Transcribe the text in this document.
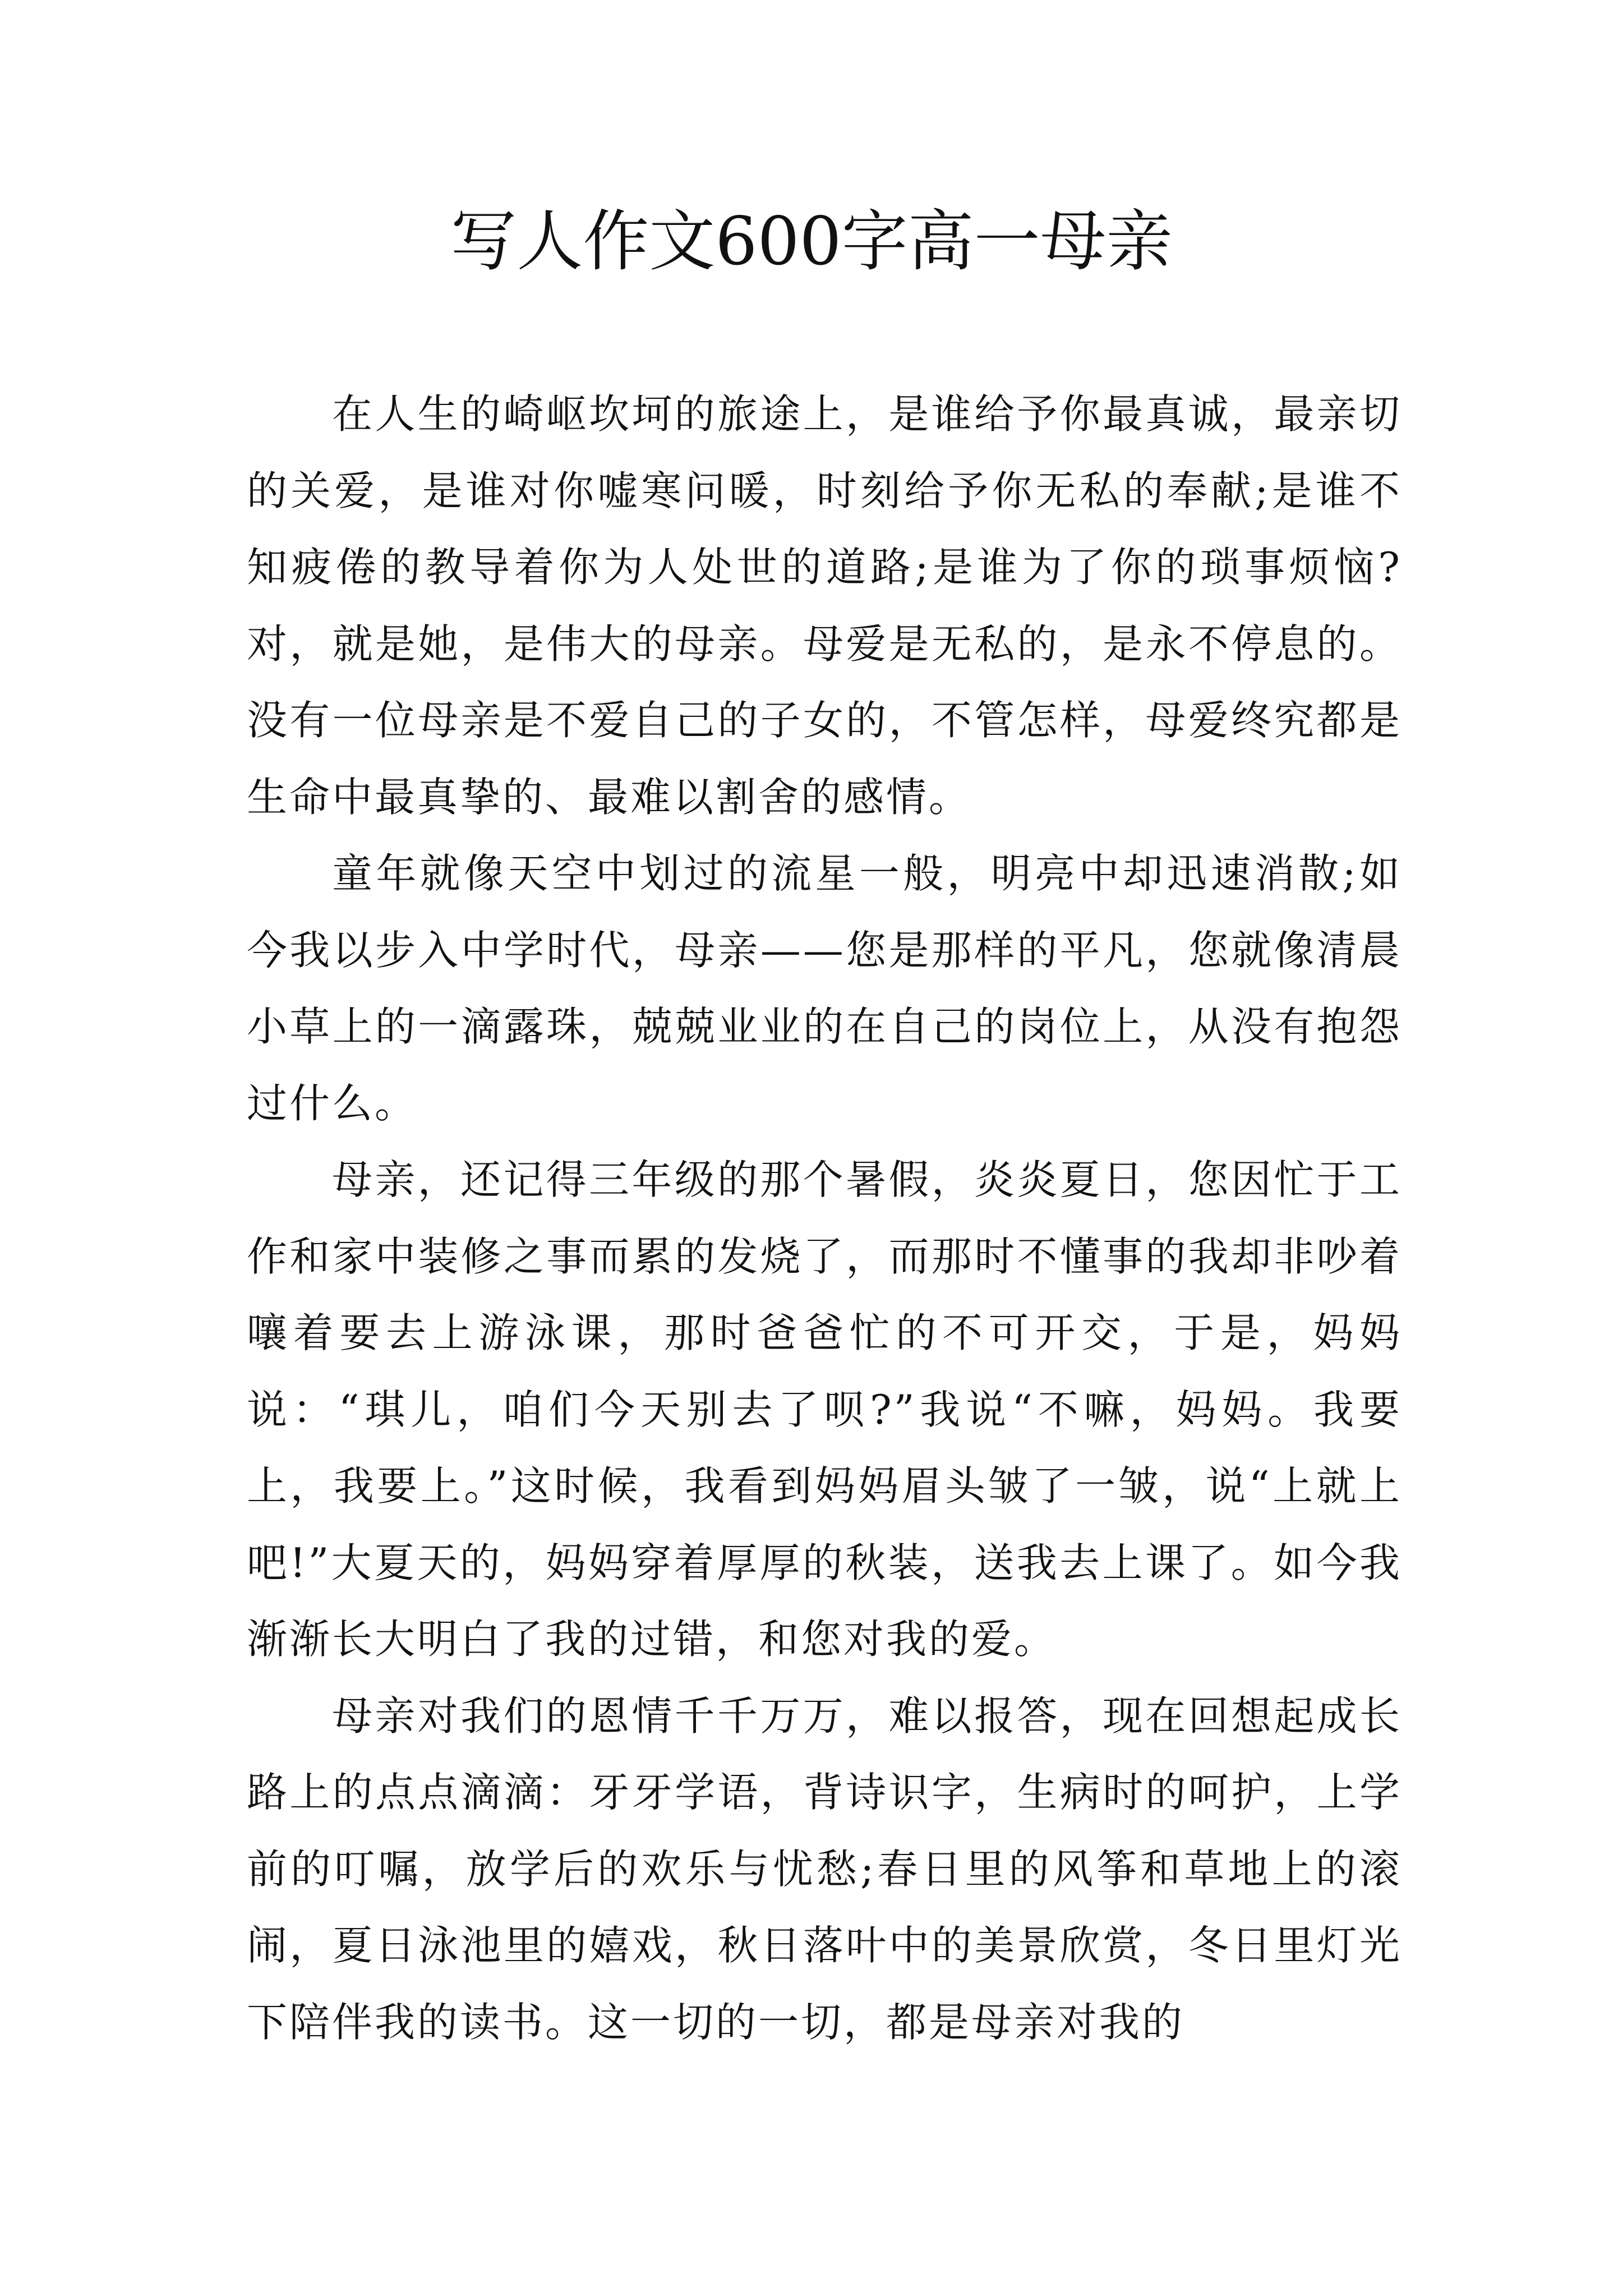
写人作文600字高一母亲

在人生的崎岖坎坷的旅途上，是谁给予你最真诚，最亲切的关爱，是谁对你嘘寒问暖，时刻给予你无私的奉献;是谁不知疲倦的教导着你为人处世的道路;是谁为了你的琐事烦恼?对，就是她，是伟大的母亲。母爱是无私的，是永不停息的。没有一位母亲是不爱自己的子女的，不管怎样，母爱终究都是生命中最真挚的、最难以割舍的感情。

童年就像天空中划过的流星一般，明亮中却迅速消散;如今我以步入中学时代，母亲——您是那样的平凡，您就像清晨小草上的一滴露珠，兢兢业业的在自己的岗位上，从没有抱怨过什么。

母亲，还记得三年级的那个暑假，炎炎夏日，您因忙于工作和家中装修之事而累的发烧了，而那时不懂事的我却非吵着嚷着要去上游泳课，那时爸爸忙的不可开交，于是，妈妈说：“琪儿，咱们今天别去了呗?”我说“不嘛，妈妈。我要上，我要上。”这时候，我看到妈妈眉头皱了一皱，说“上就上吧!”大夏天的，妈妈穿着厚厚的秋装，送我去上课了。如今我渐渐长大明白了我的过错，和您对我的爱。

母亲对我们的恩情千千万万，难以报答，现在回想起成长路上的点点滴滴：牙牙学语，背诗识字，生病时的呵护，上学前的叮嘱，放学后的欢乐与忧愁;春日里的风筝和草地上的滚闹，夏日泳池里的嬉戏，秋日落叶中的美景欣赏，冬日里灯光下陪伴我的读书。这一切的一切，都是母亲对我的
